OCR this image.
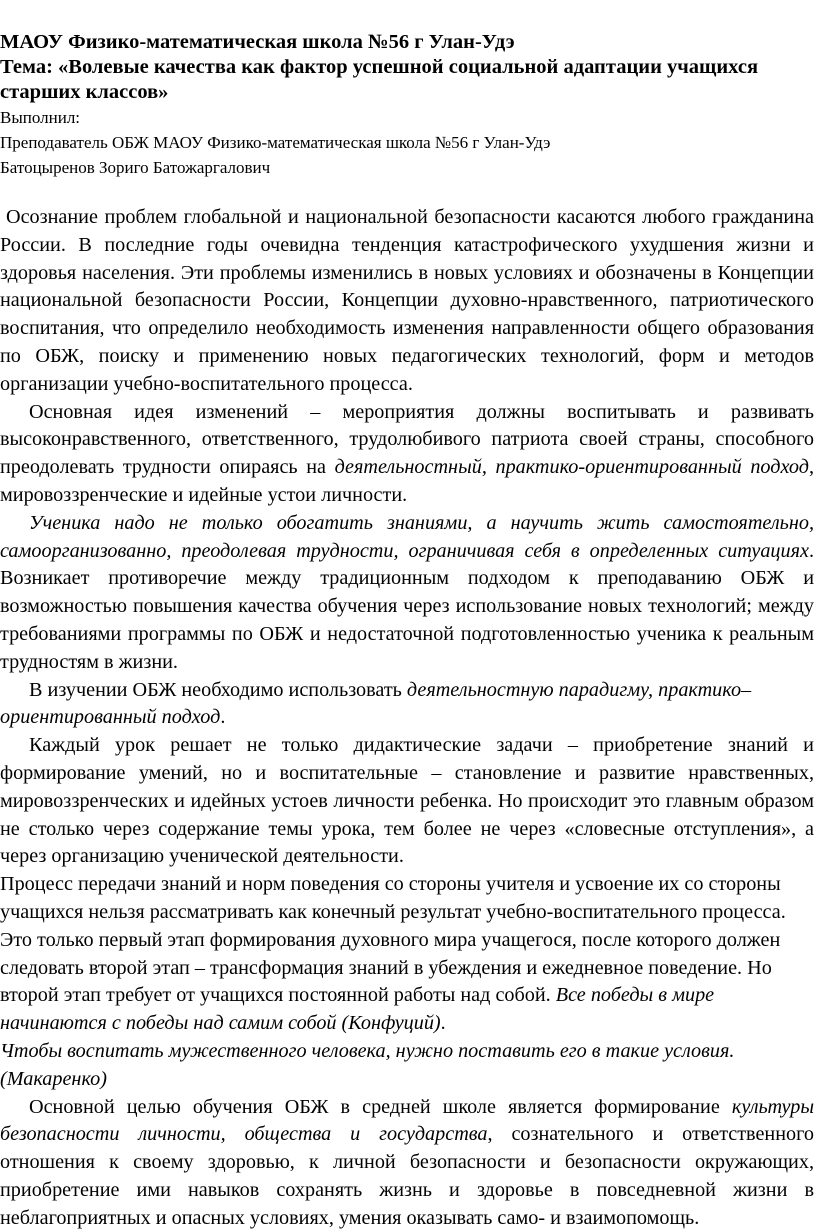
МАОУ Физико-математическая школа №56 г Улан-Удэ

Тема: «Волевые качества как фактор успешной социальной адаптации учащихся старших классов»

Выполнил:

Преподаватель ОБЖ МАОУ Физико-математическая школа №56 г Улан-Удэ

Батоцыренов Зориго Батожаргалович

Осознание проблем глобальной и национальной безопасности касаются любого гражданина России. В последние годы очевидна тенденция катастрофического ухудшения жизни и здоровья населения. Эти проблемы изменились в новых условиях и обозначены в Концепции национальной безопасности России, Концепции духовно-нравственного, патриотического воспитания, что определило необходимость изменения направленности общего образования по ОБЖ, поиску и применению новых педагогических технологий, форм и методов организации учебно-воспитательного процесса.

Основная идея изменений – мероприятия должны воспитывать и развивать высоконравственного, ответственного, трудолюбивого патриота своей страны, способного преодолевать трудности опираясь на деятельностный, практико-ориентированный подход, мировоззренческие и идейные устои личности.

Ученика надо не только обогатить знаниями, а научить жить самостоятельно, самоорганизованно, преодолевая трудности, ограничивая себя в определенных ситуациях. Возникает противоречие между традиционным подходом к преподаванию ОБЖ и возможностью повышения качества обучения через использование новых технологий; между требованиями программы по ОБЖ и недостаточной подготовленностью ученика к реальным трудностям в жизни.

В изучении ОБЖ необходимо использовать деятельностную парадигму, практико–ориентированный подход.

Каждый урок решает не только дидактические задачи – приобретение знаний и формирование умений, но и воспитательные – становление и развитие нравственных, мировоззренческих и идейных устоев личности ребенка. Но происходит это главным образом не столько через содержание темы урока, тем более не через «словесные отступления», а через организацию ученической деятельности.

Процесс передачи знаний и норм поведения со стороны учителя и усвоение их со стороны учащихся нельзя рассматривать как конечный результат учебно-воспитательного процесса. Это только первый этап формирования духовного мира учащегося, после которого должен следовать второй этап – трансформация знаний в убеждения и ежедневное поведение. Но второй этап требует от учащихся постоянной работы над собой. Все победы в мире начинаются с победы над самим собой (Конфуций).

Чтобы воспитать мужественного человека, нужно поставить его в такие условия. (Макаренко)

Основной целью обучения ОБЖ в средней школе является формирование культуры безопасности личности, общества и государства, сознательного и ответственного отношения к своему здоровью, к личной безопасности и безопасности окружающих, приобретение ими навыков сохранять жизнь и здоровье в повседневной жизни в неблагоприятных и опасных условиях, умения оказывать само- и взаимопомощь.
